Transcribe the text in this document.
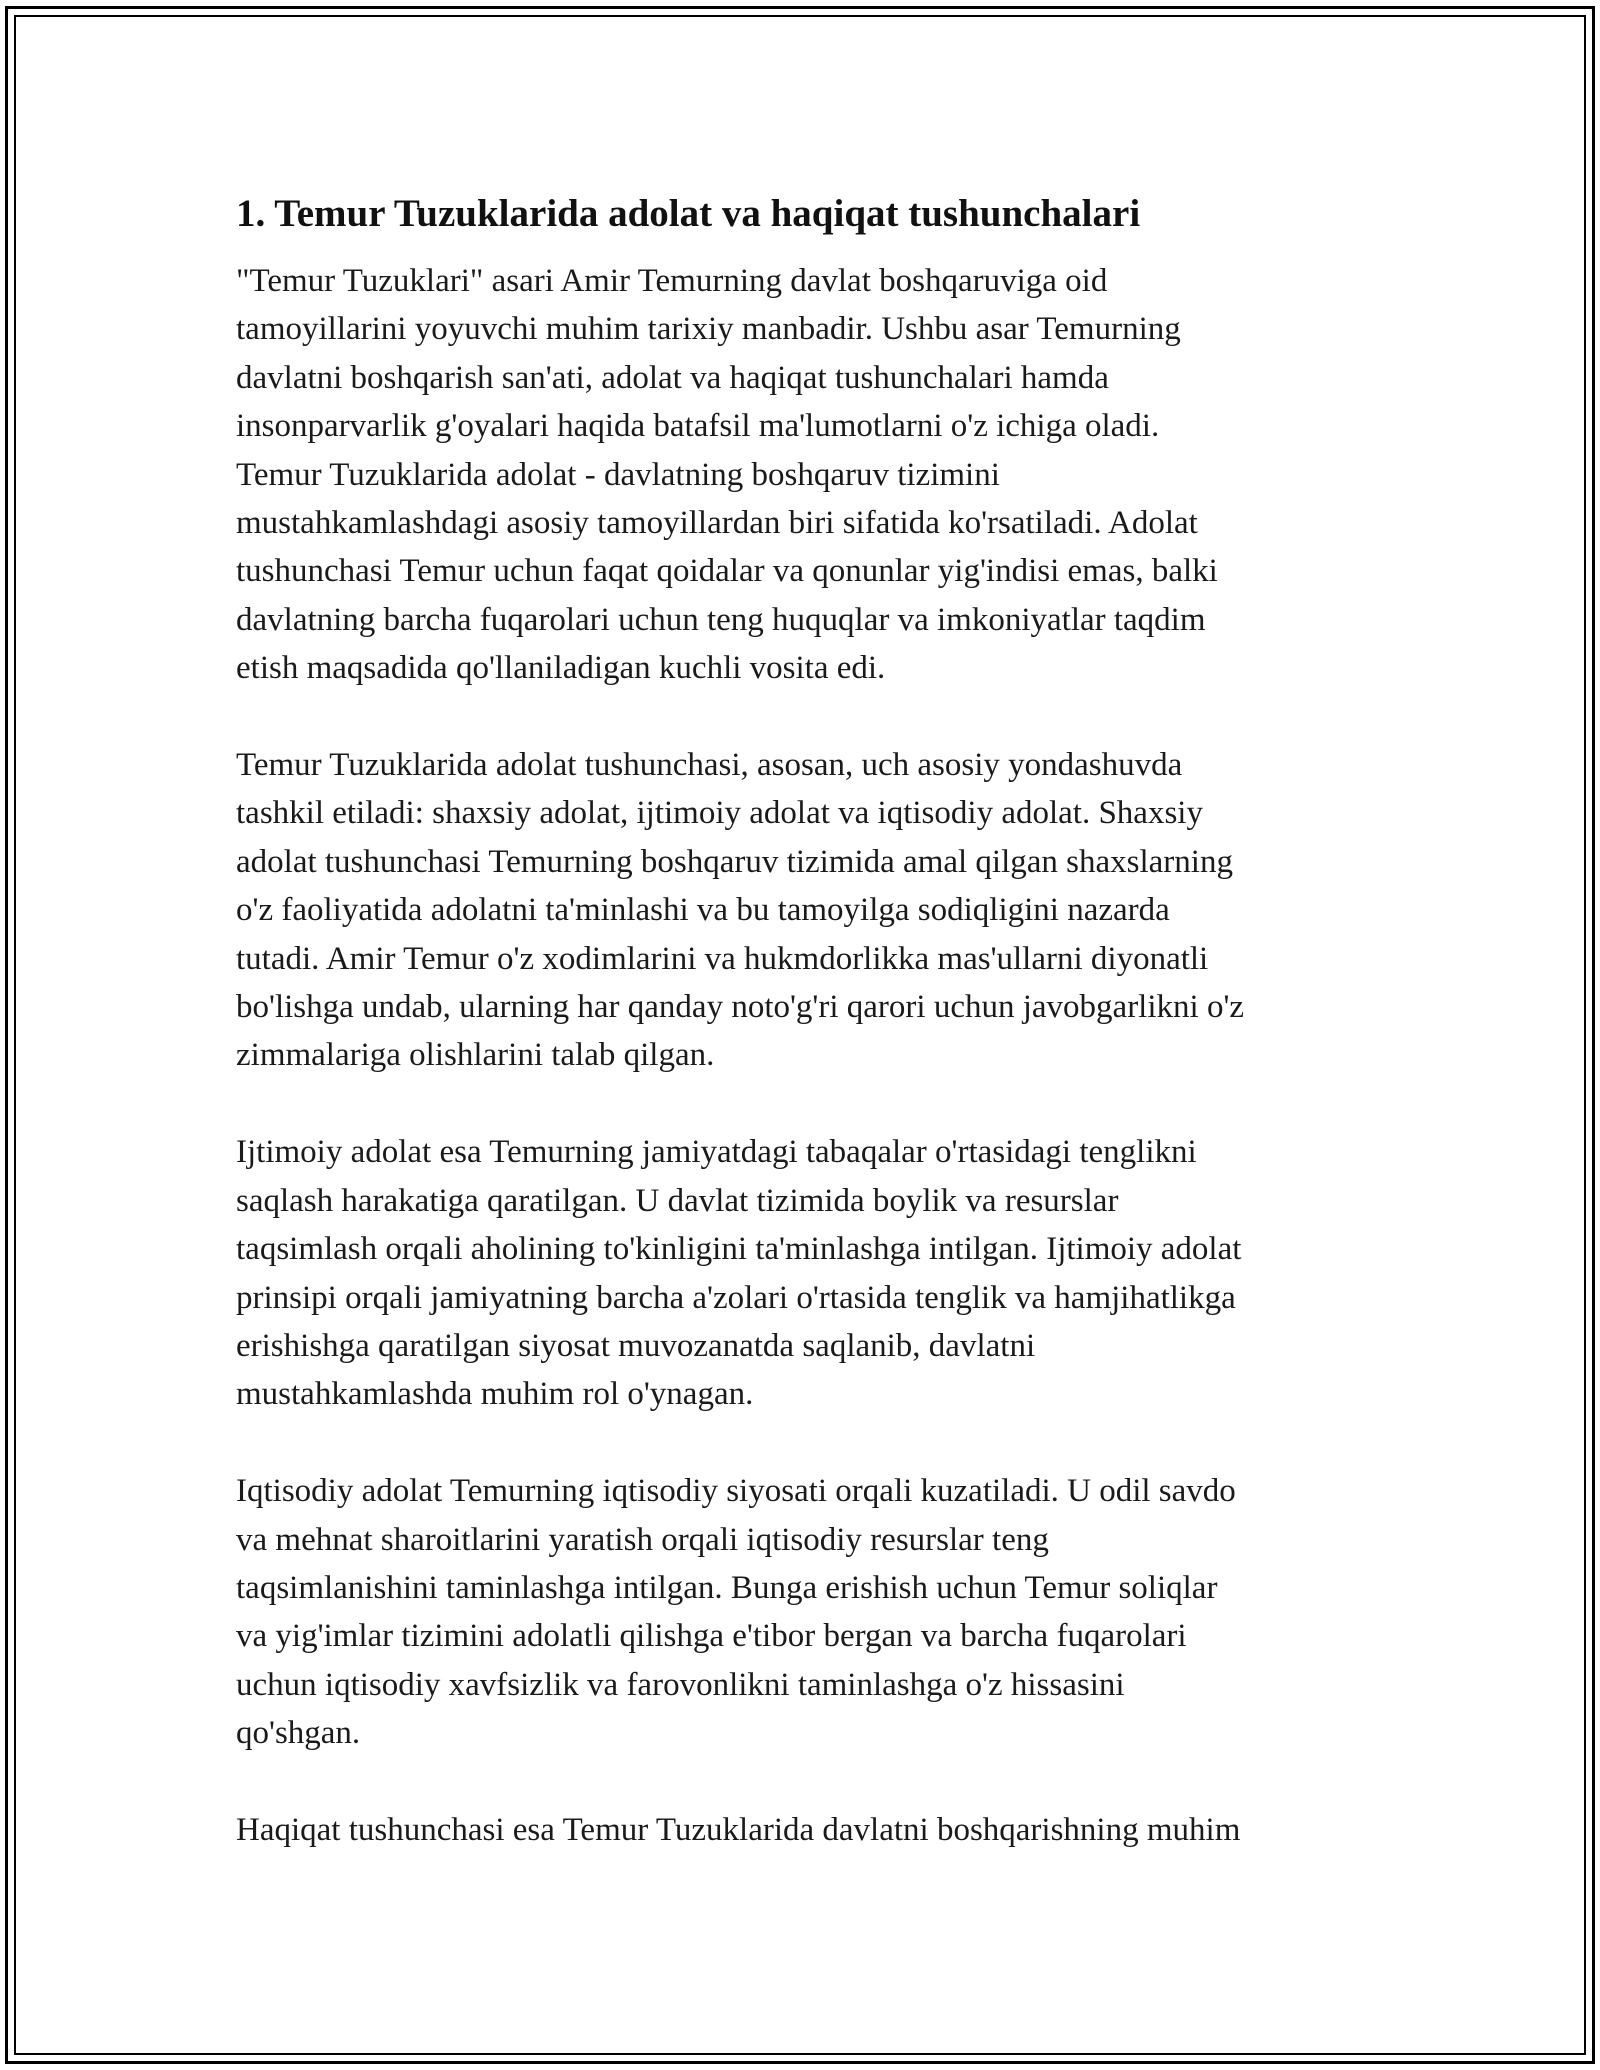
1. Temur Tuzuklarida adolat va haqiqat tushunchalari

"Temur Tuzuklari" asari Amir Temurning davlat boshqaruviga oid
tamoyillarini yoyuvchi muhim tarixiy manbadir. Ushbu asar Temurning
davlatni boshqarish san'ati, adolat va haqiqat tushunchalari hamda
insonparvarlik g'oyalari haqida batafsil ma'lumotlarni o'z ichiga oladi.
Temur Tuzuklarida adolat - davlatning boshqaruv tizimini
mustahkamlashdagi asosiy tamoyillardan biri sifatida ko'rsatiladi. Adolat
tushunchasi Temur uchun faqat qoidalar va qonunlar yig'indisi emas, balki
davlatning barcha fuqarolari uchun teng huquqlar va imkoniyatlar taqdim
etish maqsadida qo'llaniladigan kuchli vosita edi.

Temur Tuzuklarida adolat tushunchasi, asosan, uch asosiy yondashuvda
tashkil etiladi: shaxsiy adolat, ijtimoiy adolat va iqtisodiy adolat. Shaxsiy
adolat tushunchasi Temurning boshqaruv tizimida amal qilgan shaxslarning
o'z faoliyatida adolatni ta'minlashi va bu tamoyilga sodiqligini nazarda
tutadi. Amir Temur o'z xodimlarini va hukmdorlikka mas'ullarni diyonatli
bo'lishga undab, ularning har qanday noto'g'ri qarori uchun javobgarlikni o'z
zimmalariga olishlarini talab qilgan.

Ijtimoiy adolat esa Temurning jamiyatdagi tabaqalar o'rtasidagi tenglikni
saqlash harakatiga qaratilgan. U davlat tizimida boylik va resurslar
taqsimlash orqali aholining to'kinligini ta'minlashga intilgan. Ijtimoiy adolat
prinsipi orqali jamiyatning barcha a'zolari o'rtasida tenglik va hamjihatlikga
erishishga qaratilgan siyosat muvozanatda saqlanib, davlatni
mustahkamlashda muhim rol o'ynagan.

Iqtisodiy adolat Temurning iqtisodiy siyosati orqali kuzatiladi. U odil savdo
va mehnat sharoitlarini yaratish orqali iqtisodiy resurslar teng
taqsimlanishini taminlashga intilgan. Bunga erishish uchun Temur soliqlar
va yig'imlar tizimini adolatli qilishga e'tibor bergan va barcha fuqarolari
uchun iqtisodiy xavfsizlik va farovonlikni taminlashga o'z hissasini
qo'shgan.

Haqiqat tushunchasi esa Temur Tuzuklarida davlatni boshqarishning muhim
